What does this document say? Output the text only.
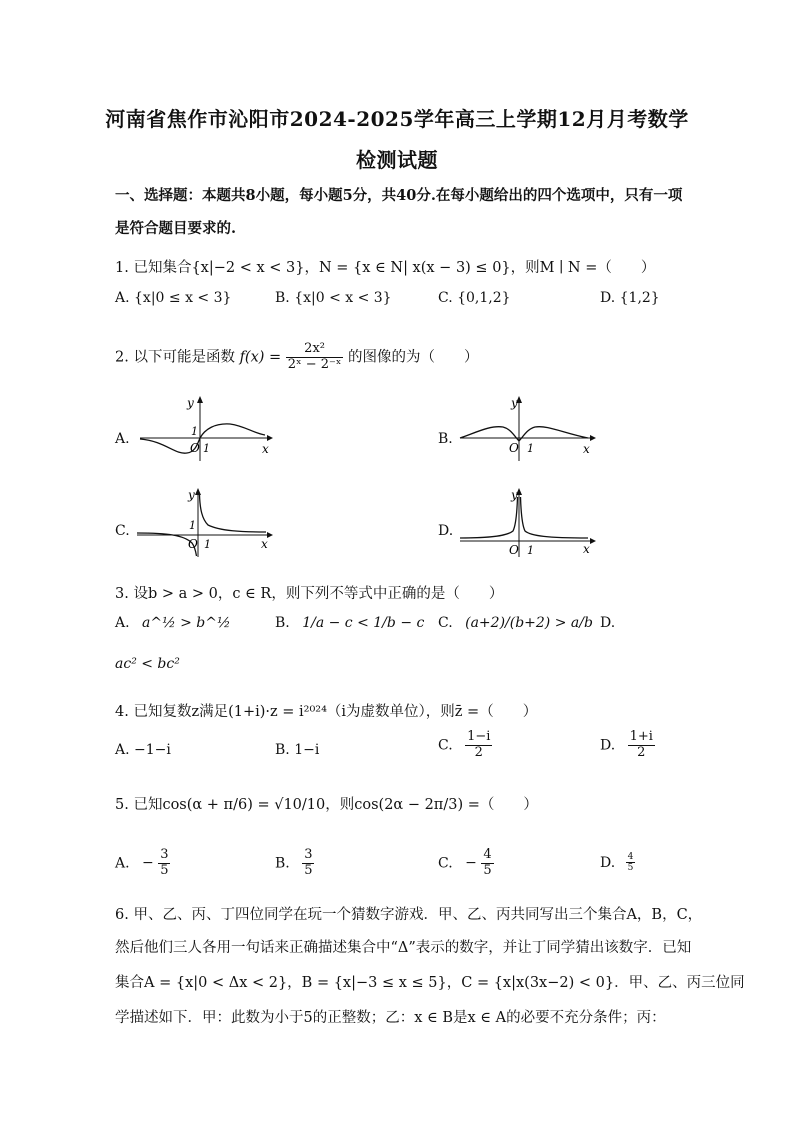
河南省焦作市沁阳市2024-2025学年高三上学期12月月考数学
检测试题
一、选择题：本题共8小题，每小题5分，共40分.在每小题给出的四个选项中，只有一项
是符合题目要求的.
1. 已知集合{x|−2 < x < 3}，N = {x ∈ N| x(x − 3) ≤ 0}，则M ∣ N =（　　）
A. {x|0 ≤ x < 3}	B. {x|0 < x < 3}	C. {0,1,2}	D. {1,2}
2. 以下可能是函数 $f(x) = \frac{\text{2x²}}{\text{2ˣ − 2⁻ˣ}}$ 的图像的为（　　）
A.
y
x
O 1
1	B.
y
x
O 1
C.
y
x
O 1
1	D.
y
x
O 1
3. 设b > a > 0，c ∈ R，则下列不等式中正确的是（　　）
A. a^½ > b^½	B. 1/a − c < 1/b − c C. (a+2)/(b+2) > a/b D.
ac² < bc²
4. 已知复数z满足(1+i)·z = i²⁰²⁴（i为虚数单位），则z̄ =（　　）
A. −1−i	B. 1−i	C. $\frac{1-i}{2}$	D. $\frac{1+i}{2}$
5. 已知cos(α + π/6) = √10/10，则cos(2α − 2π/3) =（　　）
A. − $\frac{3}{5}$	B. $\frac{3}{5}$	C. − $\frac{4}{5}$	D. $\frac{4}{5}$
6. 甲、乙、丙、丁四位同学在玩一个猜数字游戏．甲、乙、丙共同写出三个集合A，B，C，
然后他们三人各用一句话来正确描述集合中“Δ”表示的数字，并让丁同学猜出该数字．已知
集合A = {x|0 < Δx < 2}，B = {x|−3 ≤ x ≤ 5}，C = {x|x(3x−2) < 0}．甲、乙、丙三位同
学描述如下．甲：此数为小于5的正整数；乙：x ∈ B是x ∈ A的必要不充分条件；丙：
